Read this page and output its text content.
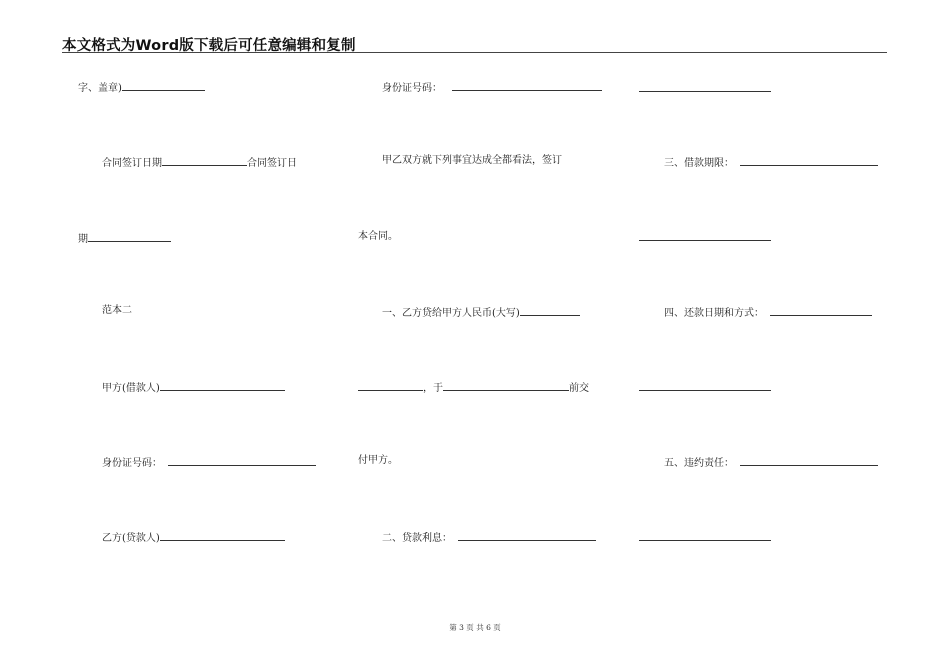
本文格式为Word版下载后可任意编辑和复制
字、盖章)
合同签订日期	合同签订日
期
范本二
甲方(借款人)
身份证号码：
乙方(贷款人)
身份证号码：
甲乙双方就下列事宜达成全都看法，签订
本合同。
一、乙方贷给甲方人民币(大写)
，于	前交
付甲方。
二、贷款利息：
三、借款期限：
四、还款日期和方式：
五、违约责任：
第 3 页 共 6 页
